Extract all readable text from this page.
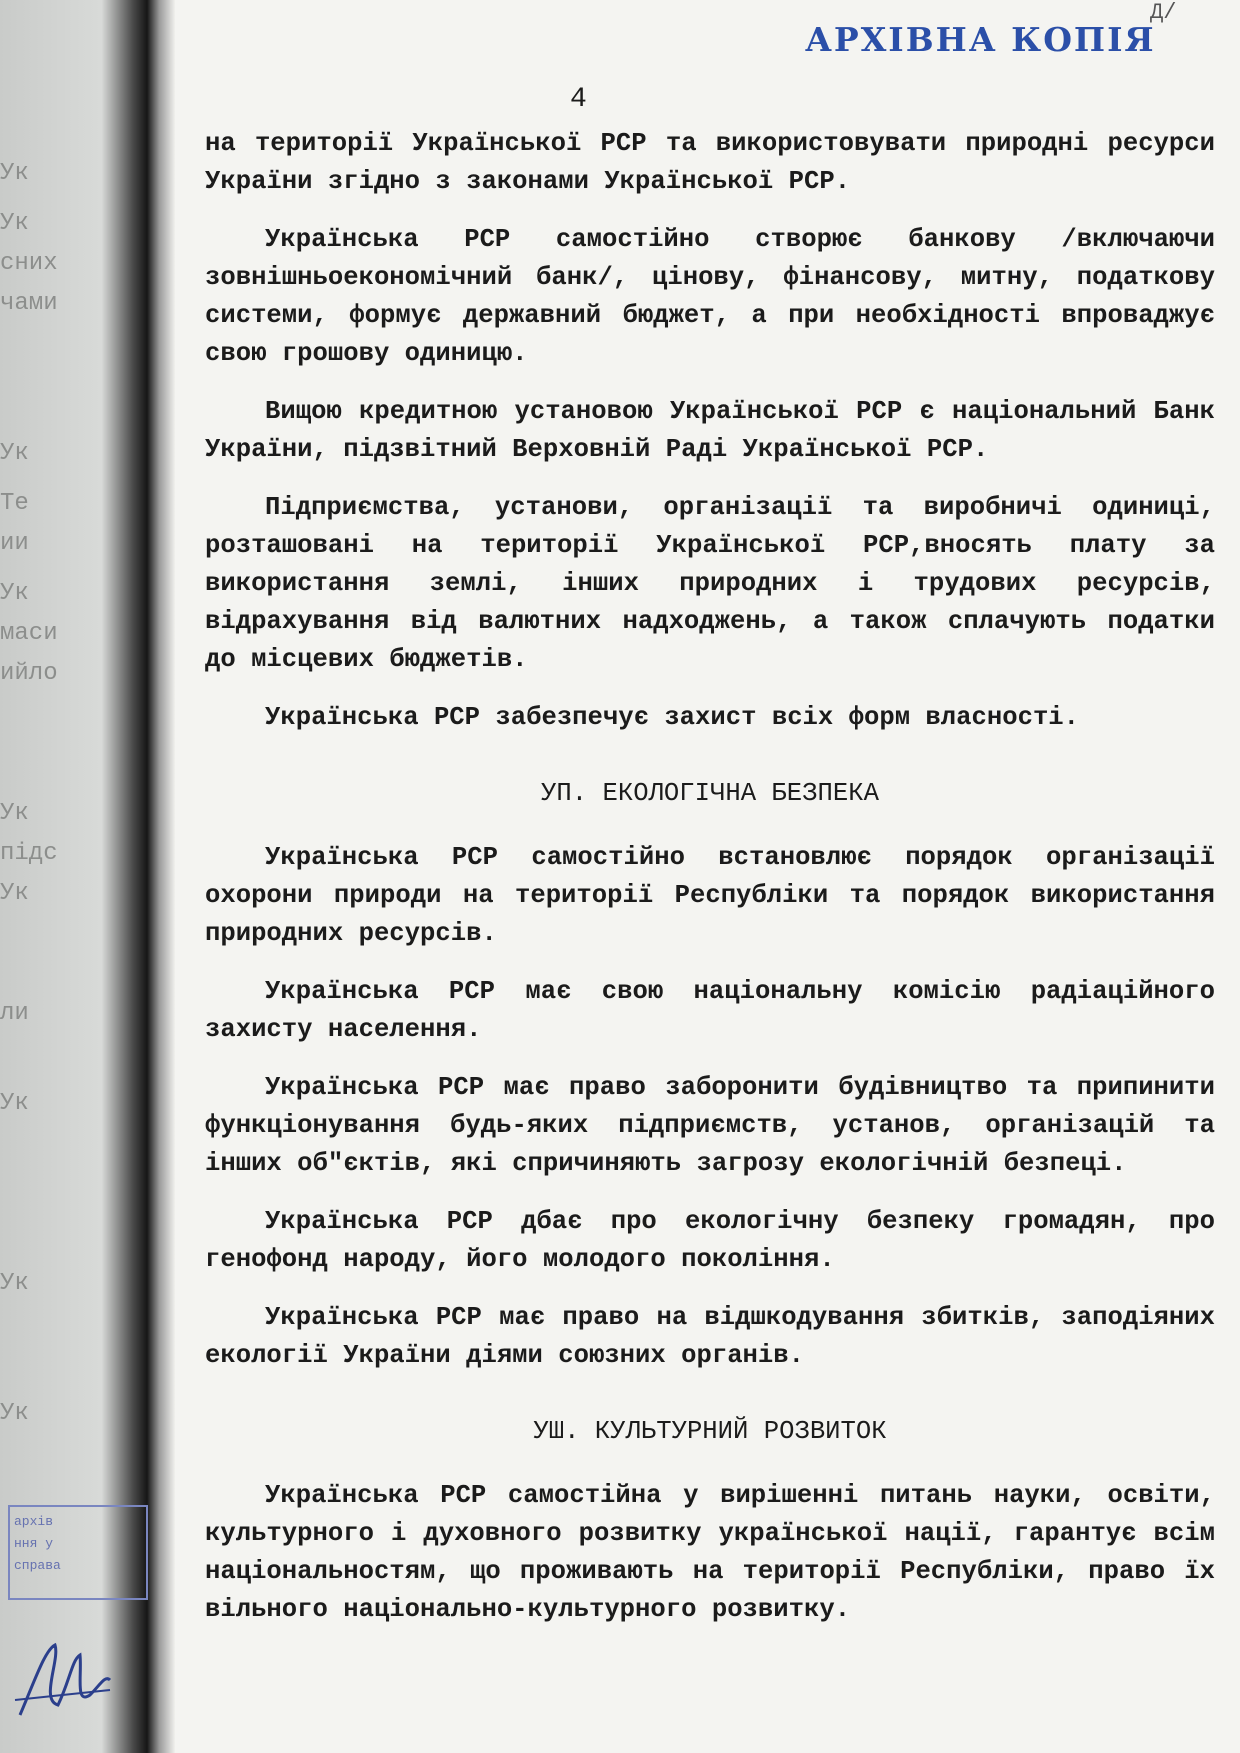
Ук
Ук
сних
чами
Ук
Те
ии
Ук
маси
ийло
Ук
підс
Ук
ли
Ук
Ук
Ук
Д/
АРХІВНА КОПІЯ
4

на території Української РСР та використовувати природні ресурси України згідно з законами Української РСР.

Українська РСР самостійно створює банкову /включаючи зовнішньоекономічний банк/, цінову, фінансову, митну, податкову системи, формує державний бюджет, а при необхідності впроваджує свою грошову одиницю.

Вищою кредитною установою Української РСР є національний Банк України, підзвітний Верховній Раді Української РСР.

Підприємства, установи, організації та виробничі одиниці, розташовані на території Української РСР,вносять плату за використання землі, інших природних і трудових ресурсів, відрахування від валютних надходжень, а також сплачують податки до місцевих бюджетів.

Українська РСР забезпечує захист всіх форм власності.

УП. ЕКОЛОГІЧНА БЕЗПЕКА

Українська РСР самостійно встановлює порядок організації охорони природи на території Республіки та порядок використання природних ресурсів.

Українська РСР має свою національну комісію радіаційного захисту населення.

Українська РСР має право заборонити будівництво та припинити функціонування будь-яких підприємств, установ, організацій та інших об"єктів, які спричиняють загрозу екологічній безпеці.

Українська РСР дбає про екологічну безпеку громадян, про генофонд народу, його молодого покоління.

Українська РСР має право на відшкодування збитків, заподіяних екології України діями союзних органів.

УШ. КУЛЬТУРНИЙ РОЗВИТОК

Українська РСР самостійна у вирішенні питань науки, освіти, культурного і духовного розвитку української нації, гарантує всім національностям, що проживають на території Республіки, право їх вільного національно-культурного розвитку.

архів
ння у
справа
